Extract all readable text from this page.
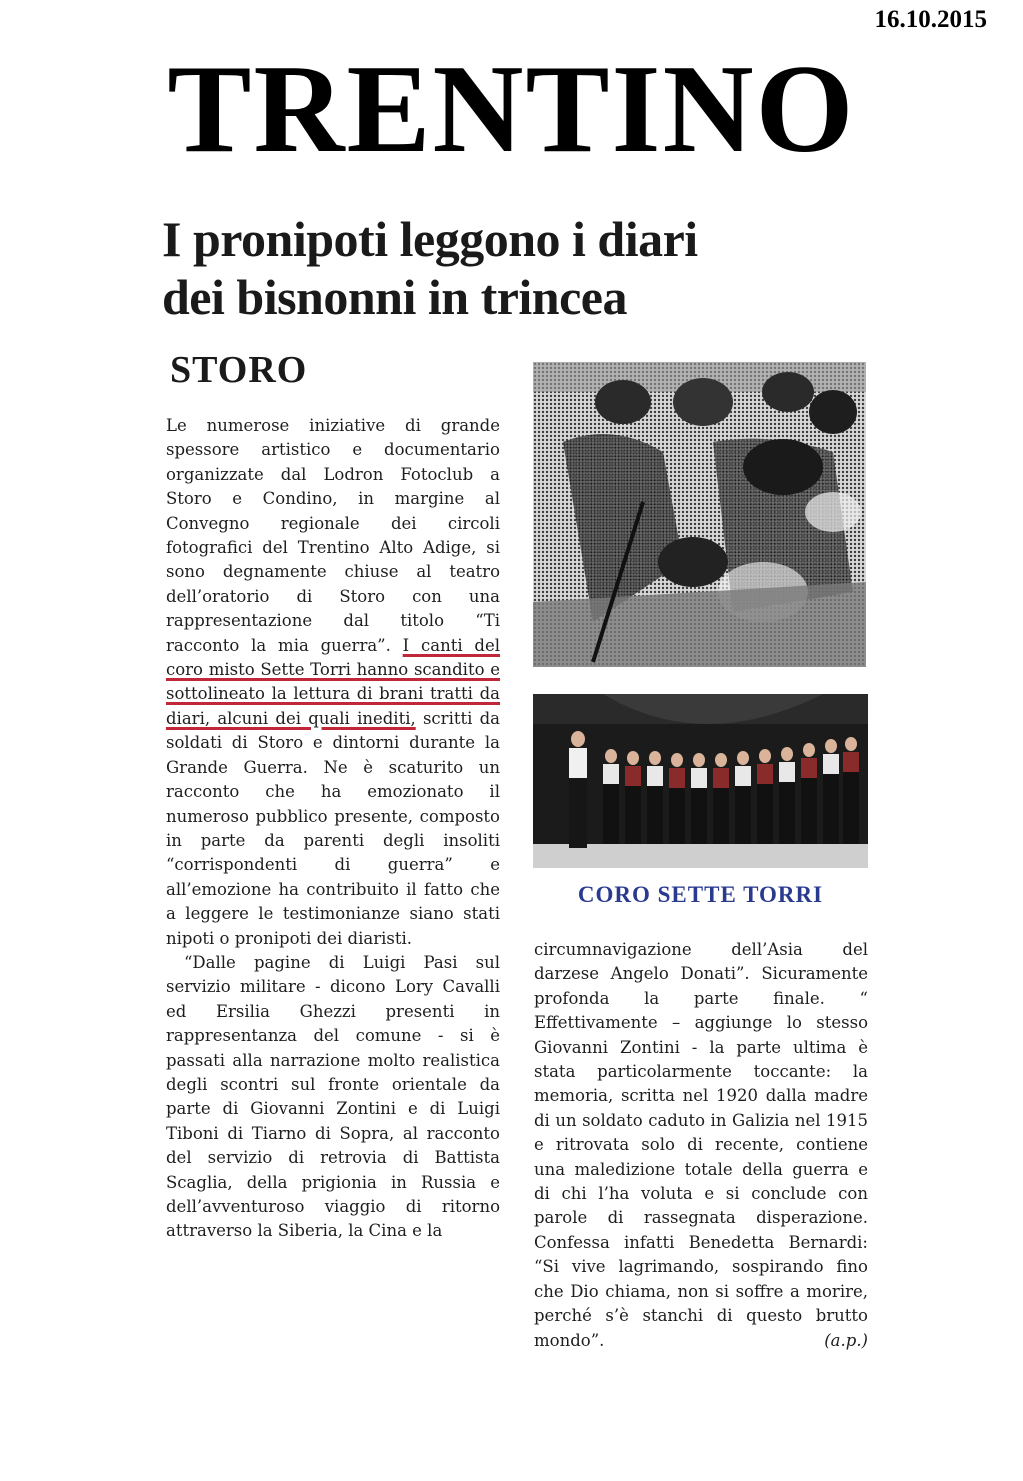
16.10.2015
TRENTINO
I pronipoti leggono i diari
dei bisnonni in trincea
STORO

Le numerose iniziative di grande spessore artistico e documentario organizzate dal Lodron Fotoclub a Storo e Condino, in margine al Convegno regionale dei circoli fotografici del Trentino Alto Adige, si sono degnamente chiuse al teatro dell’oratorio di Storo con una rappresentazione dal titolo “Ti racconto la mia guerra”. I canti del coro misto Sette Torri hanno scandito e sottolineato la lettura di brani tratti da diari, alcuni dei quali inediti, scritti da soldati di Storo e dintorni durante la Grande Guerra. Ne è scaturito un racconto che ha emozionato il numeroso pubblico presente, composto in parte da parenti degli insoliti “corrispondenti di guerra” e all’emozione ha contribuito il fatto che a leggere le testimonianze siano stati nipoti o pronipoti dei diaristi.

“Dalle pagine di Luigi Pasi sul servizio militare - dicono Lory Cavalli ed Ersilia Ghezzi presenti in rappresentanza del comune - si è passati alla narrazione molto realistica degli scontri sul fronte orientale da parte di Giovanni Zontini e di Luigi Tiboni di Tiarno di Sopra, al racconto del servizio di retrovia di Battista Scaglia, della prigionia in Russia e dell’avventuroso viaggio di ritorno attraverso la Siberia, la Cina e la

CORO SETTE TORRI

circumnavigazione dell’Asia del darzese Angelo Donati”. Sicuramente profonda la parte finale. “ Effettivamente – aggiunge lo stesso Giovanni Zontini - la parte ultima è stata particolarmente toccante: la memoria, scritta nel 1920 dalla madre di un soldato caduto in Galizia nel 1915 e ritrovata solo di recente, contiene una maledizione totale della guerra e di chi l’ha voluta e si conclude con parole di rassegnata disperazione. Confessa infatti Benedetta Bernardi: “Si vive lagrimando, sospirando fino che Dio chiama, non si soffre a morire, perché s’è stanchi di questo brutto mondo”.	(a.p.)
